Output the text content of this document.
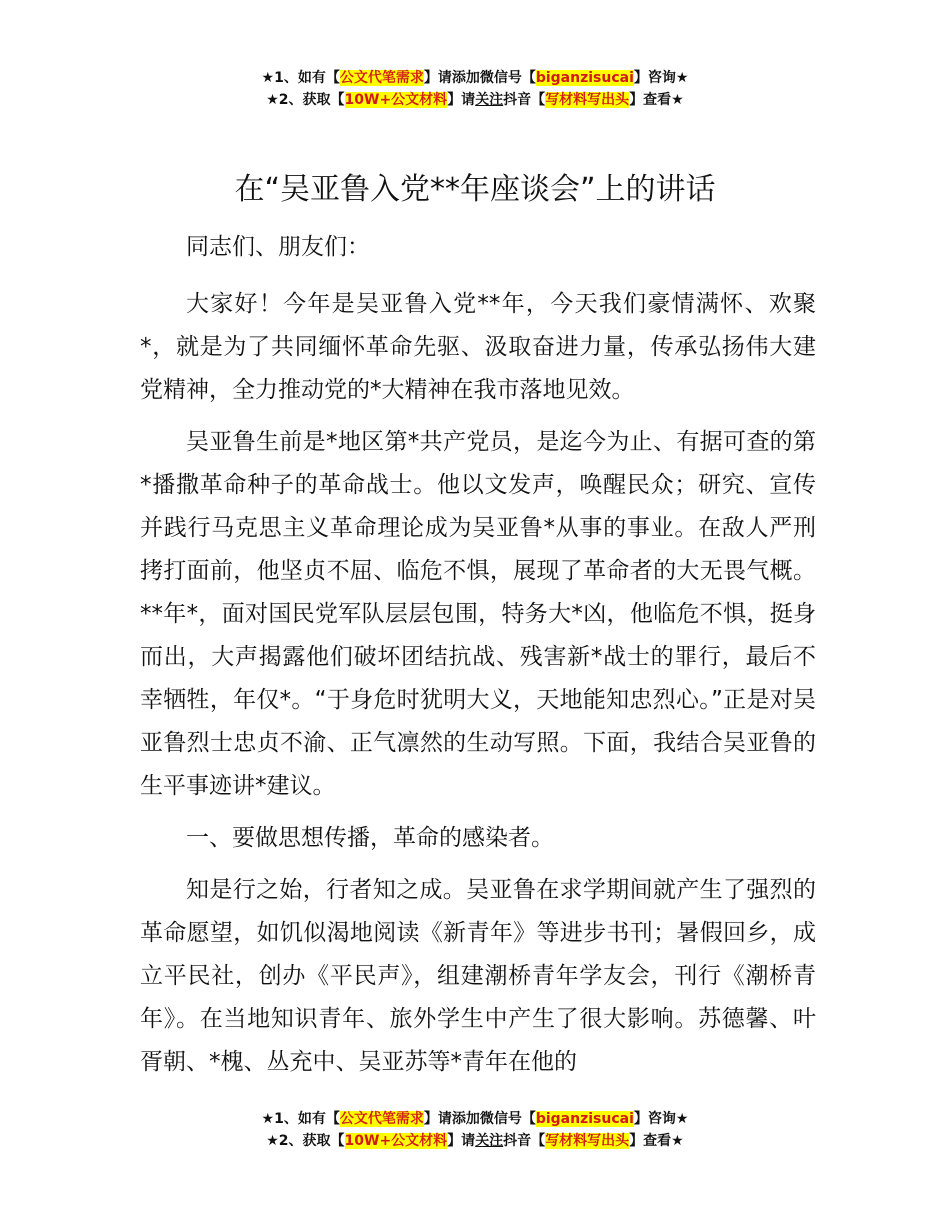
★1、如有【公文代笔需求】请添加微信号【biganzisucai】咨询★
★2、获取【10W+公文材料】请关注抖音【写材料写出头】查看★
在“吴亚鲁入党**年座谈会”上的讲话

同志们、朋友们：

大家好！今年是吴亚鲁入党**年，今天我们豪情满怀、欢聚*，就是为了共同缅怀革命先驱、汲取奋进力量，传承弘扬伟大建党精神，全力推动党的*大精神在我市落地见效。

吴亚鲁生前是*地区第*共产党员，是迄今为止、有据可查的第*播撒革命种子的革命战士。他以文发声，唤醒民众；研究、宣传并践行马克思主义革命理论成为吴亚鲁*从事的事业。在敌人严刑拷打面前，他坚贞不屈、临危不惧，展现了革命者的大无畏气概。**年*，面对国民党军队层层包围，特务大*凶，他临危不惧，挺身而出，大声揭露他们破坏团结抗战、残害新*战士的罪行，最后不幸牺牲，年仅*。“于身危时犹明大义，天地能知忠烈心。”正是对吴亚鲁烈士忠贞不渝、正气凛然的生动写照。下面，我结合吴亚鲁的生平事迹讲*建议。

一、要做思想传播，革命的感染者。

知是行之始，行者知之成。吴亚鲁在求学期间就产生了强烈的革命愿望，如饥似渴地阅读《新青年》等进步书刊；暑假回乡，成立平民社，创办《平民声》，组建潮桥青年学友会，刊行《潮桥青年》。在当地知识青年、旅外学生中产生了很大影响。苏德馨、叶胥朝、*槐、丛充中、吴亚苏等*青年在他的

★1、如有【公文代笔需求】请添加微信号【biganzisucai】咨询★
★2、获取【10W+公文材料】请关注抖音【写材料写出头】查看★
